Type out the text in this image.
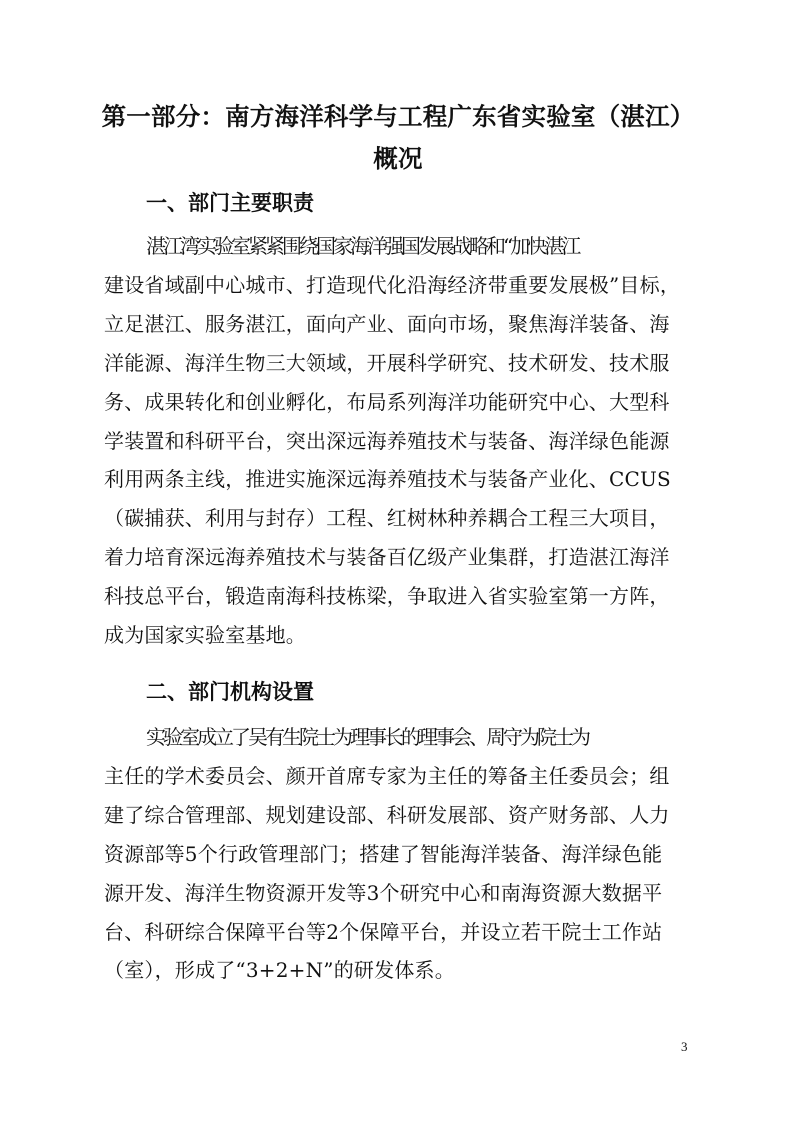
第一部分：南方海洋科学与工程广东省实验室（湛江）概况
一、部门主要职责
湛江湾实验室紧紧围绕国家海洋强国发展战略和“加快湛江
建设省域副中心城市、打造现代化沿海经济带重要发展极”目标，
立足湛江、服务湛江，面向产业、面向市场，聚焦海洋装备、海
洋能源、海洋生物三大领域，开展科学研究、技术研发、技术服
务、成果转化和创业孵化，布局系列海洋功能研究中心、大型科
学装置和科研平台，突出深远海养殖技术与装备、海洋绿色能源
利用两条主线，推进实施深远海养殖技术与装备产业化、CCUS
（碳捕获、利用与封存）工程、红树林种养耦合工程三大项目，
着力培育深远海养殖技术与装备百亿级产业集群，打造湛江海洋
科技总平台，锻造南海科技栋梁，争取进入省实验室第一方阵，
成为国家实验室基地。
二、部门机构设置
实验室成立了吴有生院士为理事长的理事会、周守为院士为
主任的学术委员会、颜开首席专家为主任的筹备主任委员会；组
建了综合管理部、规划建设部、科研发展部、资产财务部、人力
资源部等5个行政管理部门；搭建了智能海洋装备、海洋绿色能
源开发、海洋生物资源开发等3个研究中心和南海资源大数据平
台、科研综合保障平台等2个保障平台，并设立若干院士工作站
（室），形成了“3+2+N”的研发体系。
3
